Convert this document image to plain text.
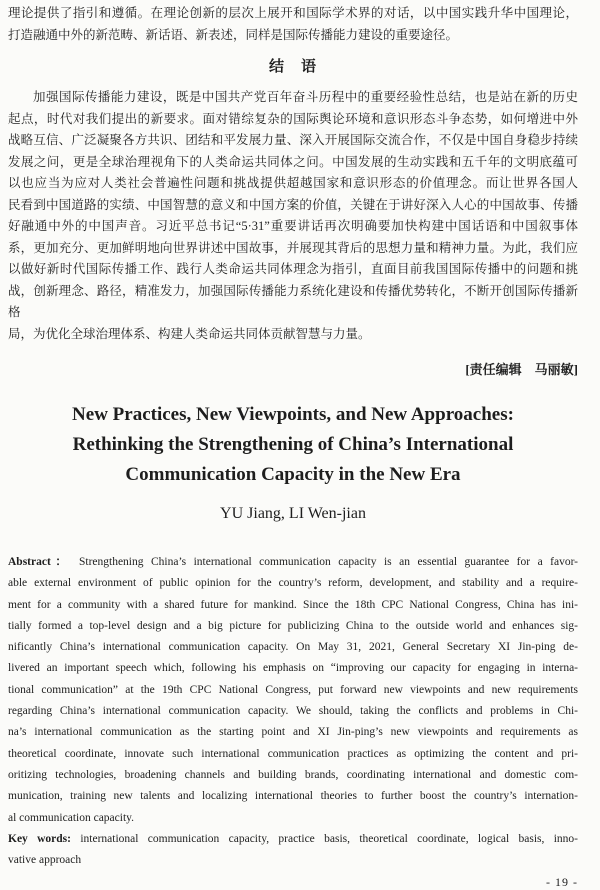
理论提供了指引和遵循。在理论创新的层次上展开和国际学术界的对话，以中国实践升华中国理论，
打造融通中外的新范畴、新话语、新表述，同样是国际传播能力建设的重要途径。
结　语
加强国际传播能力建设，既是中国共产党百年奋斗历程中的重要经验性总结，也是站在新的历史
起点，时代对我们提出的新要求。面对错综复杂的国际舆论环境和意识形态斗争态势，如何增进中外
战略互信、广泛凝聚各方共识、团结和平发展力量、深入开展国际交流合作，不仅是中国自身稳步持续
发展之问，更是全球治理视角下的人类命运共同体之问。中国发展的生动实践和五千年的文明底蕴可
以也应当为应对人类社会普遍性问题和挑战提供超越国家和意识形态的价值理念。而让世界各国人
民看到中国道路的实绩、中国智慧的意义和中国方案的价值，关键在于讲好深入人心的中国故事、传播
好融通中外的中国声音。习近平总书记“5·31”重要讲话再次明确要加快构建中国话语和中国叙事体
系，更加充分、更加鲜明地向世界讲述中国故事，并展现其背后的思想力量和精神力量。为此，我们应
以做好新时代国际传播工作、践行人类命运共同体理念为指引，直面目前我国国际传播中的问题和挑
战，创新理念、路径，精准发力，加强国际传播能力系统化建设和传播优势转化，不断开创国际传播新格
局，为优化全球治理体系、构建人类命运共同体贡献智慧与力量。
[责任编辑　马丽敏]
New Practices, New Viewpoints, and New Approaches:
Rethinking the Strengthening of China’s International
Communication Capacity in the New Era
YU Jiang, LI Wen-jian
Abstract： Strengthening China’s international communication capacity is an essential guarantee for a favor-
able external environment of public opinion for the country’s reform, development, and stability and a require-
ment for a community with a shared future for mankind. Since the 18th CPC National Congress, China has ini-
tially formed a top-level design and a big picture for publicizing China to the outside world and enhances sig-
nificantly China’s international communication capacity. On May 31, 2021, General Secretary XI Jin-ping de-
livered an important speech which, following his emphasis on “improving our capacity for engaging in interna-
tional communication” at the 19th CPC National Congress, put forward new viewpoints and new requirements
regarding China’s international communication capacity. We should, taking the conflicts and problems in Chi-
na’s international communication as the starting point and XI Jin-ping’s new viewpoints and requirements as
theoretical coordinate, innovate such international communication practices as optimizing the content and pri-
oritizing technologies, broadening channels and building brands, coordinating international and domestic com-
munication, training new talents and localizing international theories to further boost the country’s internation-
al communication capacity.
Key words: international communication capacity, practice basis, theoretical coordinate, logical basis, inno-
vative approach
- 19 -
